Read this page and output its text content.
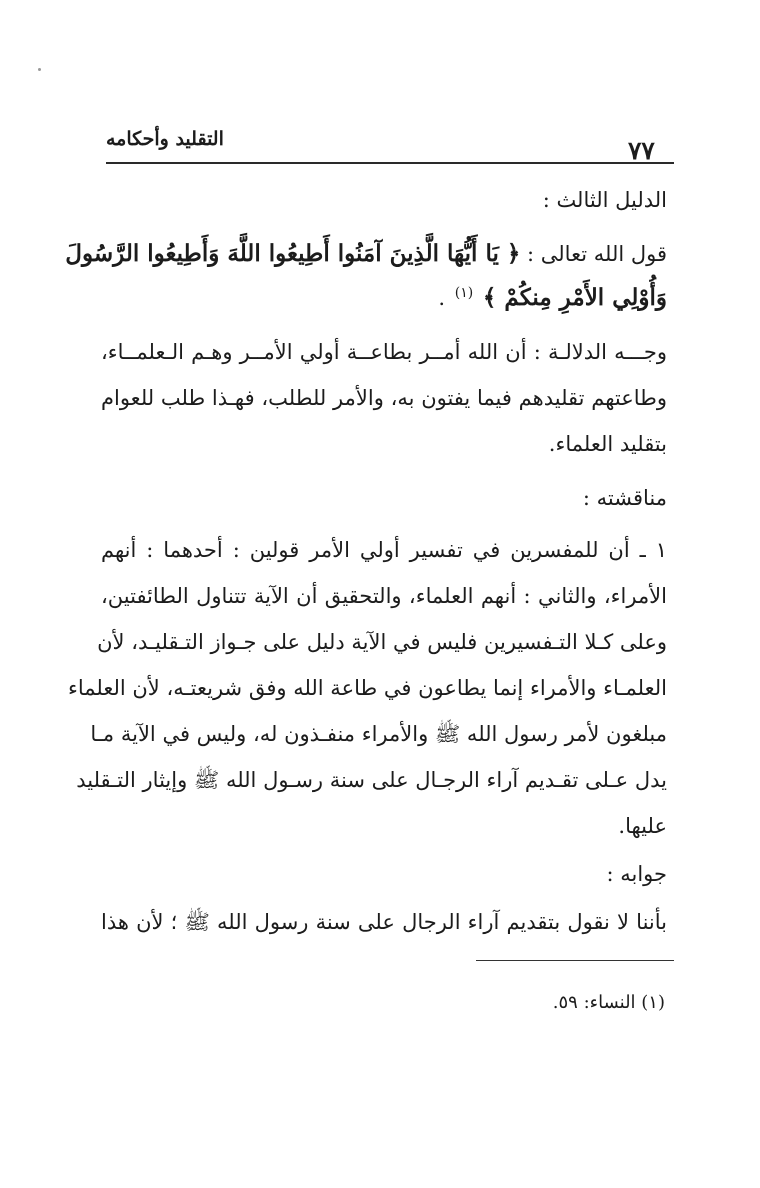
التقليد وأحكامه	٧٧
الدليل الثالث :
قول الله تعالى : ﴿ يَا أَيُّهَا الَّذِينَ آمَنُوا أَطِيعُوا اللَّهَ وَأَطِيعُوا الرَّسُولَ
وَأُوْلِي الأَمْرِ مِنكُمْ ﴾ $^{(١)}$ .
وجـــه الدلالـة : أن الله أمــر بطاعــة أولي الأمــر وهـم الـعلمــاء،
وطاعتهم تقليدهم فيما يفتون به، والأمر للطلب، فهـذا طلب للعوام
بتقليد العلماء.
مناقشته :
١ ـ أن للمفسرين في تفسير أولي الأمر قولين : أحدهما : أنهم
الأمراء، والثاني : أنهم العلماء، والتحقيق أن الآية تتناول الطائفتين،
وعلى كـلا التـفسيرين فليس في الآية دليل على جـواز التـقليـد، لأن
العلمـاء والأمراء إنما يطاعون في طاعة الله وفق شريعتـه، لأن العلماء
مبلغون لأمر رسول الله ﷺ والأمراء منفـذون له، وليس في الآية مـا
يدل عـلى تقـديم آراء الرجـال على سنة رسـول الله ﷺ وإيثار التـقليد
عليها.
جوابه :
بأننا لا نقول بتقديم آراء الرجال على سنة رسول الله ﷺ ؛ لأن هذا
(١) النساء: ٥٩.
